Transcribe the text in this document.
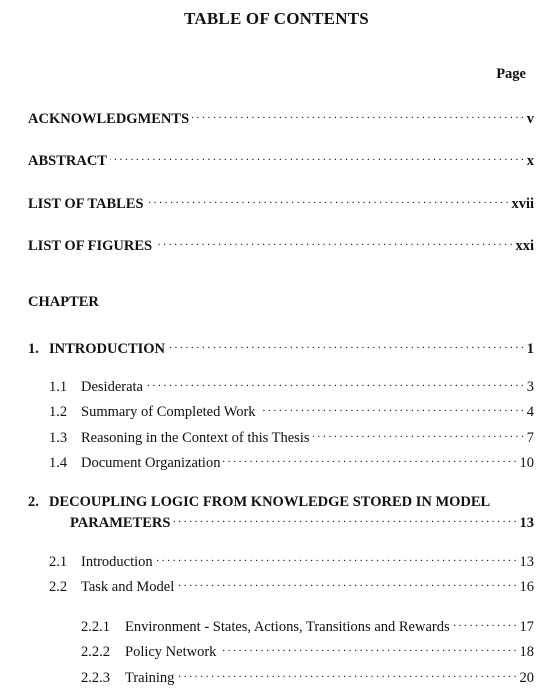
TABLE OF CONTENTS
Page
ACKNOWLEDGMENTS . . .	v
ABSTRACT . . .	x
LIST OF TABLES . . .	xvii
LIST OF FIGURES . . .	xxi
CHAPTER
1. INTRODUCTION . . .	1
1.1 Desiderata . . .	3
1.2 Summary of Completed Work . . .	4
1.3 Reasoning in the Context of this Thesis . . .	7
1.4 Document Organization . . .	10
2. DECOUPLING LOGIC FROM KNOWLEDGE STORED IN MODEL
PARAMETERS . . .	13
2.1 Introduction . . .	13
2.2 Task and Model . . .	16
2.2.1	Environment - States, Actions, Transitions and Rewards . . .	17
2.2.2	Policy Network . . .	18
2.2.3	Training . . .	20
